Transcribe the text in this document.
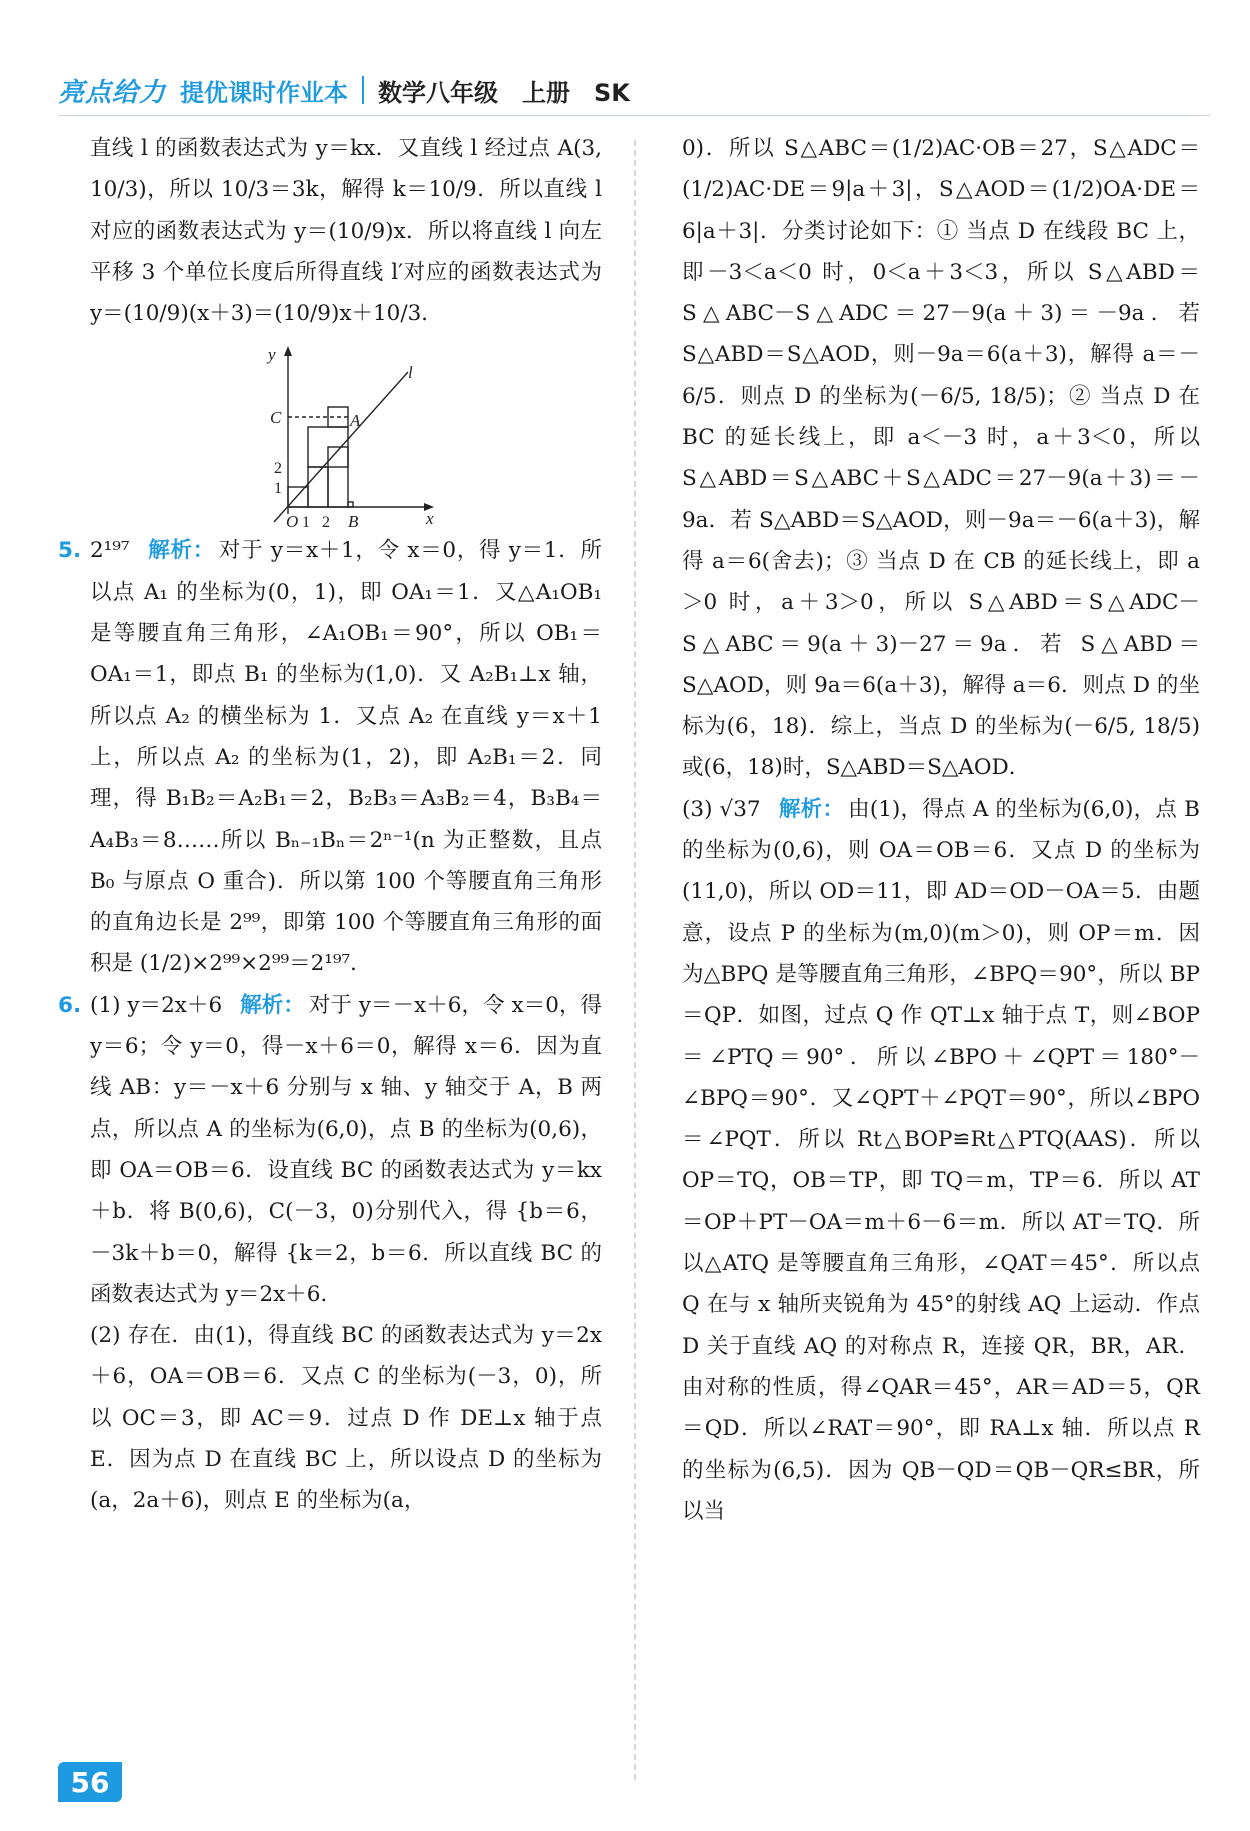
亮点给力 提优课时作业本 数学八年级　上册　SK

直线 l 的函数表达式为 y＝kx．又直线 l 经过点 A(3, 10/3)，所以 10/3＝3k，解得 k＝10/9．所以直线 l 对应的函数表达式为 y＝(10/9)x．所以将直线 l 向左平移 3 个单位长度后所得直线 l′对应的函数表达式为 y＝(10/9)(x＋3)＝(10/9)x＋10/3．

y
x
l
C	A
O	B
2
1
1 2

5. 2¹⁹⁷ 解析： 对于 y＝x＋1，令 x＝0，得 y＝1．所以点 A₁ 的坐标为(0，1)，即 OA₁＝1．又△A₁OB₁ 是等腰直角三角形，∠A₁OB₁＝90°，所以 OB₁＝OA₁＝1，即点 B₁ 的坐标为(1,0)．又 A₂B₁⊥x 轴，所以点 A₂ 的横坐标为 1．又点 A₂ 在直线 y＝x＋1 上，所以点 A₂ 的坐标为(1，2)，即 A₂B₁＝2．同理，得 B₁B₂＝A₂B₁＝2，B₂B₃＝A₃B₂＝4，B₃B₄＝A₄B₃＝8……所以 Bₙ₋₁Bₙ＝2ⁿ⁻¹(n 为正整数，且点 B₀ 与原点 O 重合)．所以第 100 个等腰直角三角形的直角边长是 2⁹⁹，即第 100 个等腰直角三角形的面积是 (1/2)×2⁹⁹×2⁹⁹＝2¹⁹⁷．

6. (1) y＝2x＋6 解析： 对于 y＝－x＋6，令 x＝0，得 y＝6；令 y＝0，得－x＋6＝0，解得 x＝6．因为直线 AB：y＝－x＋6 分别与 x 轴、y 轴交于 A，B 两点，所以点 A 的坐标为(6,0)，点 B 的坐标为(0,6)，即 OA＝OB＝6．设直线 BC 的函数表达式为 y＝kx＋b．将 B(0,6)，C(－3，0)分别代入，得 {b＝6，－3k＋b＝0，解得 {k＝2，b＝6．所以直线 BC 的函数表达式为 y＝2x＋6．

(2) 存在．由(1)，得直线 BC 的函数表达式为 y＝2x＋6，OA＝OB＝6．又点 C 的坐标为(－3，0)，所以 OC＝3，即 AC＝9．过点 D 作 DE⊥x 轴于点E．因为点 D 在直线 BC 上，所以设点 D 的坐标为(a，2a＋6)，则点 E 的坐标为(a，

0)．所以 S△ABC＝(1/2)AC·OB＝27，S△ADC＝(1/2)AC·DE＝9|a＋3|，S△AOD＝(1/2)OA·DE＝6|a＋3|．分类讨论如下：① 当点 D 在线段 BC 上，即－3＜a＜0 时，0＜a＋3＜3，所以 S△ABD＝S△ABC－S△ADC＝27－9(a＋3)＝－9a．若 S△ABD＝S△AOD，则－9a＝6(a＋3)，解得 a＝－6/5．则点 D 的坐标为(－6/5, 18/5)；② 当点 D 在 BC 的延长线上，即 a＜－3 时，a＋3＜0，所以 S△ABD＝S△ABC＋S△ADC＝27－9(a＋3)＝－9a．若 S△ABD＝S△AOD，则－9a＝－6(a＋3)，解得 a＝6(舍去)；③ 当点 D 在 CB 的延长线上，即 a＞0 时，a＋3＞0，所以 S△ABD＝S△ADC－S△ABC＝9(a＋3)－27＝9a．若 S△ABD＝S△AOD，则 9a＝6(a＋3)，解得 a＝6．则点 D 的坐标为(6，18)．综上，当点 D 的坐标为(－6/5, 18/5)或(6，18)时，S△ABD＝S△AOD．

(3) √37 解析： 由(1)，得点 A 的坐标为(6,0)，点 B 的坐标为(0,6)，则 OA＝OB＝6．又点 D 的坐标为(11,0)，所以 OD＝11，即 AD＝OD－OA＝5．由题意，设点 P 的坐标为(m,0)(m＞0)，则 OP＝m．因为△BPQ 是等腰直角三角形，∠BPQ＝90°，所以 BP＝QP．如图，过点 Q 作 QT⊥x 轴于点 T，则∠BOP＝∠PTQ＝90°．所以∠BPO＋∠QPT＝180°－∠BPQ＝90°．又∠QPT＋∠PQT＝90°，所以∠BPO＝∠PQT．所以 Rt△BOP≌Rt△PTQ(AAS)．所以 OP＝TQ，OB＝TP，即 TQ＝m，TP＝6．所以 AT＝OP＋PT－OA＝m＋6－6＝m．所以 AT＝TQ．所以△ATQ 是等腰直角三角形，∠QAT＝45°．所以点 Q 在与 x 轴所夹锐角为 45°的射线 AQ 上运动．作点 D 关于直线 AQ 的对称点 R，连接 QR，BR，AR．由对称的性质，得∠QAR＝45°，AR＝AD＝5，QR＝QD．所以∠RAT＝90°，即 RA⊥x 轴．所以点 R 的坐标为(6,5)．因为 QB－QD＝QB－QR≤BR，所以当

56
